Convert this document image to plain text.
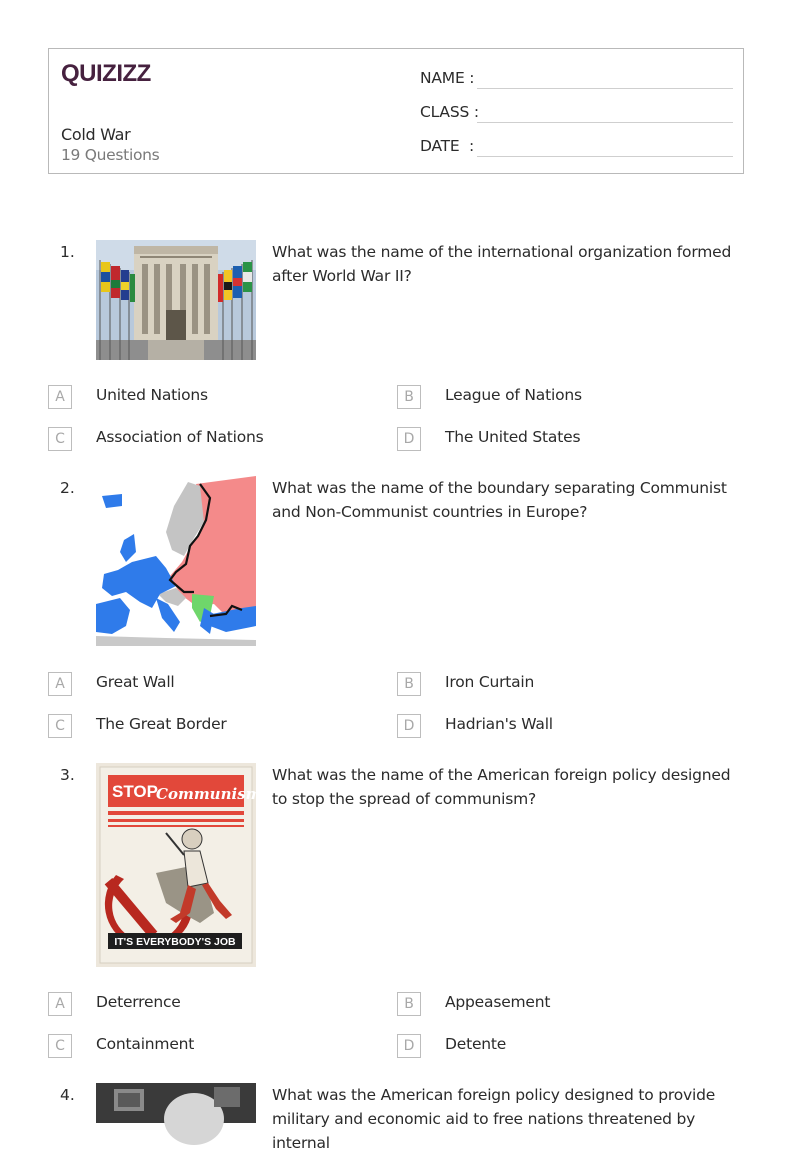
QUIZIZZ
Cold War
19 Questions
NAME :
CLASS :
DATE  :
1.	What was the name of the international organization formed after World War II?
A	United Nations	B	League of Nations
C	Association of Nations	D	The United States
2.	What was the name of the boundary separating Communist and Non-Communist countries in Europe?
A	Great Wall	B	Iron Curtain
C	The Great Border	D	Hadrian's Wall
3.
STOP
Communism!
IT'S EVERYBODY'S JOB
What was the name of the American foreign policy designed to stop the spread of communism?
A	Deterrence	B	Appeasement
C	Containment	D	Detente
4.	What was the American foreign policy designed to provide military and economic aid to free nations threatened by internal
